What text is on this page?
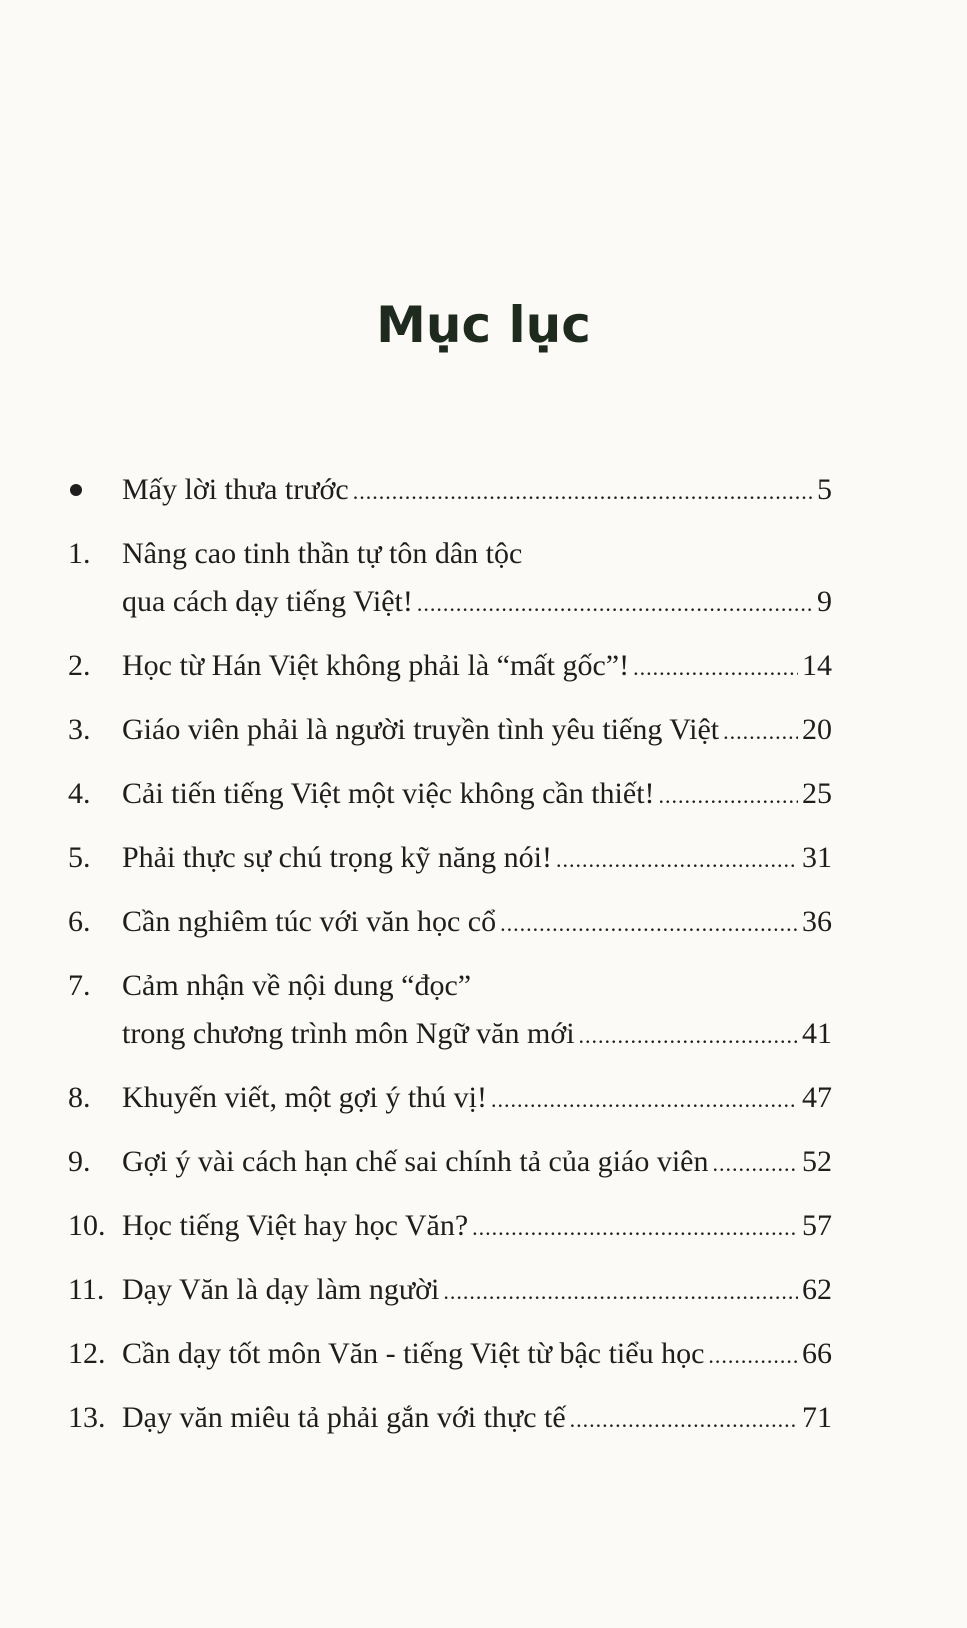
Mục lục
Mấy lời thưa trước .....	5
1.	Nâng cao tinh thần tự tôn dân tộc
qua cách dạy tiếng Việt! .....	9
2.	Học từ Hán Việt không phải là “mất gốc”! .....	14
3.	Giáo viên phải là người truyền tình yêu tiếng Việt .....	20
4.	Cải tiến tiếng Việt một việc không cần thiết! .....	25
5.	Phải thực sự chú trọng kỹ năng nói! .....	31
6.	Cần nghiêm túc với văn học cổ .....	36
7.	Cảm nhận về nội dung “đọc”
trong chương trình môn Ngữ văn mới .....	41
8.	Khuyến viết, một gợi ý thú vị! .....	47
9.	Gợi ý vài cách hạn chế sai chính tả của giáo viên .....	52
10. Học tiếng Việt hay học Văn? .....	57
11. Dạy Văn là dạy làm người .....	62
12. Cần dạy tốt môn Văn - tiếng Việt từ bậc tiểu học .....	66
13. Dạy văn miêu tả phải gắn với thực tế .....	71
